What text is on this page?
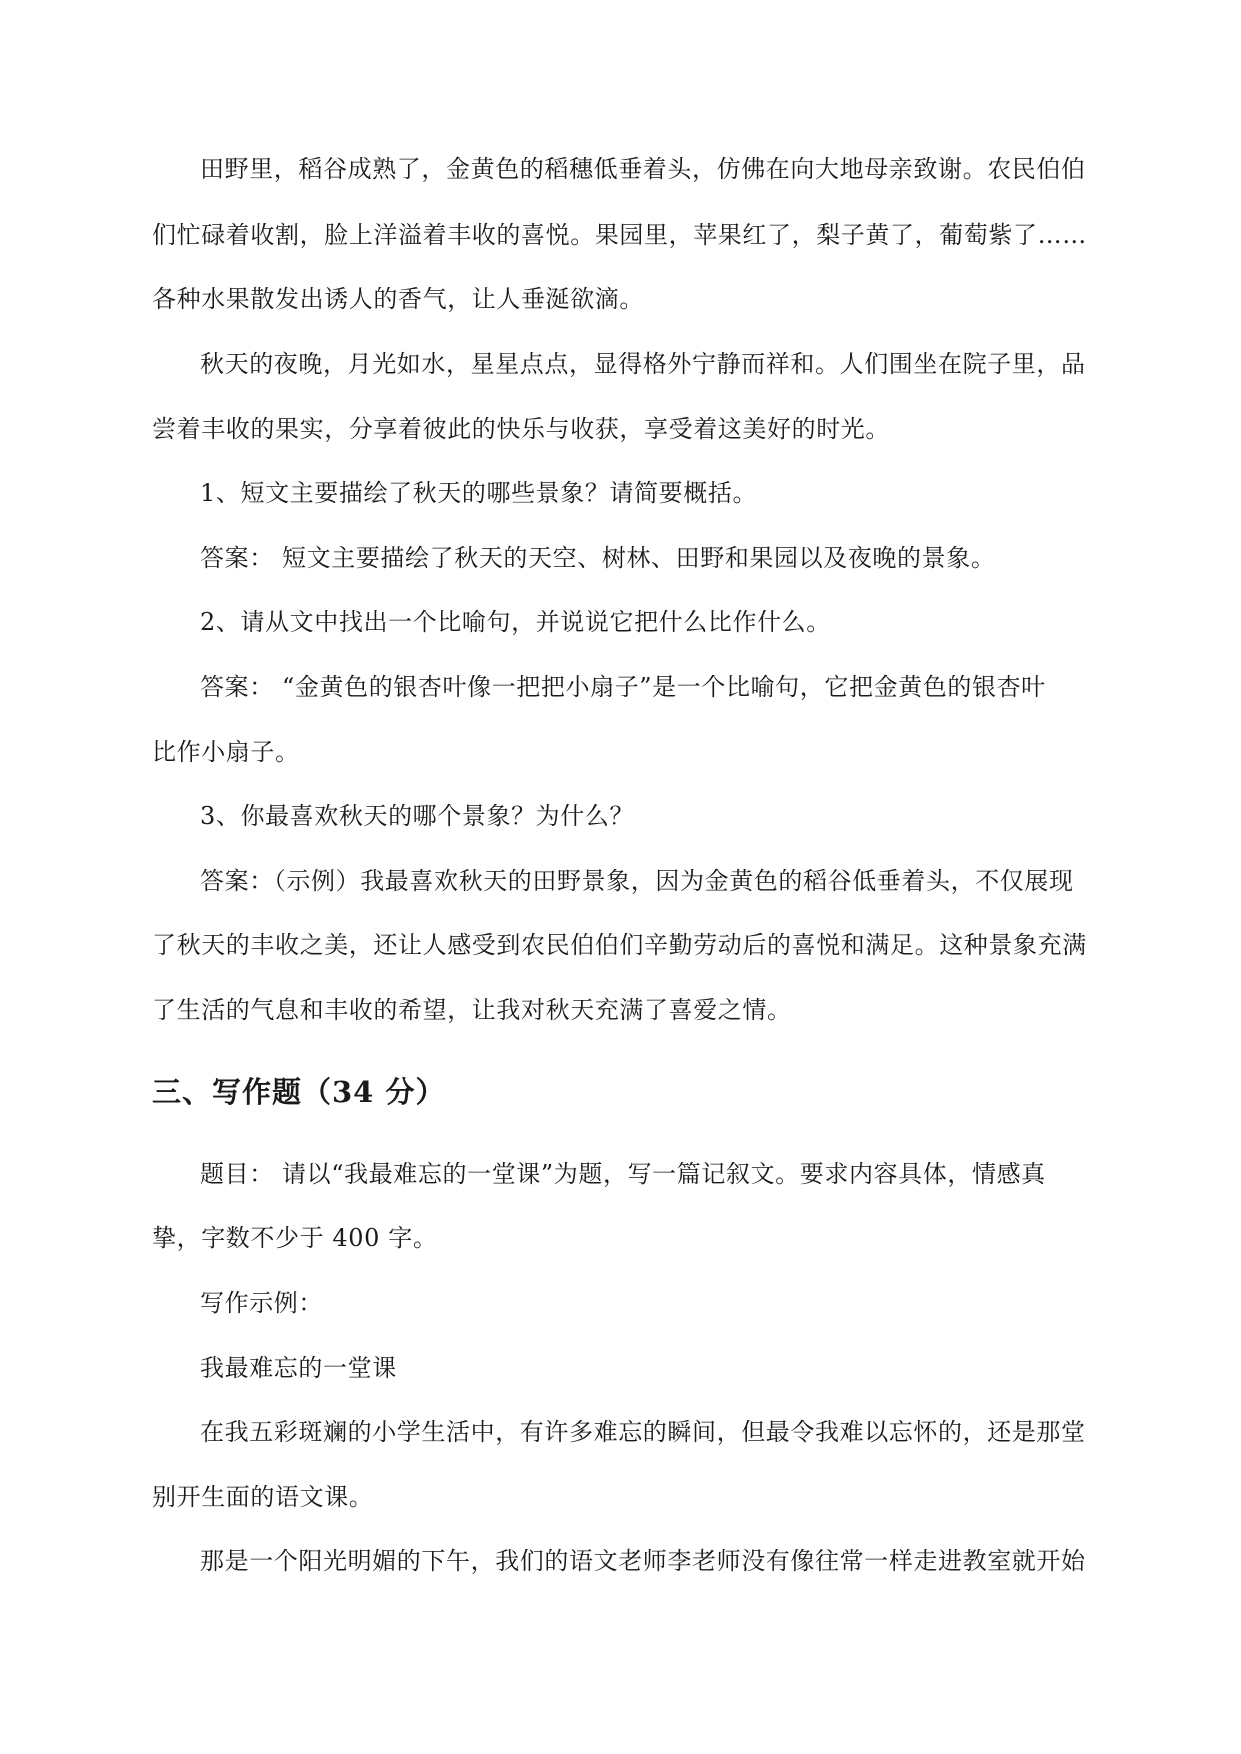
田野里，稻谷成熟了，金黄色的稻穗低垂着头，仿佛在向大地母亲致谢。农民伯伯
们忙碌着收割，脸上洋溢着丰收的喜悦。果园里，苹果红了，梨子黄了，葡萄紫了……
各种水果散发出诱人的香气，让人垂涎欲滴。
秋天的夜晚，月光如水，星星点点，显得格外宁静而祥和。人们围坐在院子里，品
尝着丰收的果实，分享着彼此的快乐与收获，享受着这美好的时光。
1、短文主要描绘了秋天的哪些景象？请简要概括。
答案： 短文主要描绘了秋天的天空、树林、田野和果园以及夜晚的景象。
2、请从文中找出一个比喻句，并说说它把什么比作什么。
答案： “金黄色的银杏叶像一把把小扇子”是一个比喻句，它把金黄色的银杏叶
比作小扇子。
3、你最喜欢秋天的哪个景象？为什么？
答案：（示例）我最喜欢秋天的田野景象，因为金黄色的稻谷低垂着头，不仅展现
了秋天的丰收之美，还让人感受到农民伯伯们辛勤劳动后的喜悦和满足。这种景象充满
了生活的气息和丰收的希望，让我对秋天充满了喜爱之情。
三、写作题（34 分）
题目： 请以“我最难忘的一堂课”为题，写一篇记叙文。要求内容具体，情感真
挚，字数不少于 400 字。
写作示例：
我最难忘的一堂课
在我五彩斑斓的小学生活中，有许多难忘的瞬间，但最令我难以忘怀的，还是那堂
别开生面的语文课。
那是一个阳光明媚的下午，我们的语文老师李老师没有像往常一样走进教室就开始
